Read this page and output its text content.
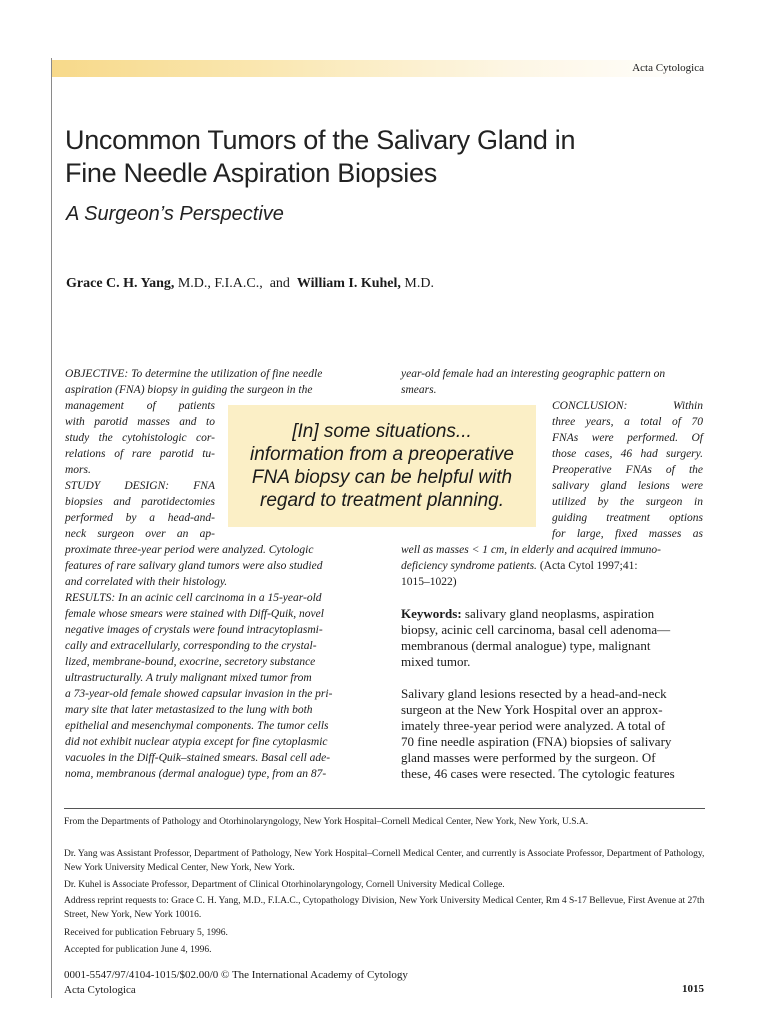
Acta Cytologica
Uncommon Tumors of the Salivary Gland in
Fine Needle Aspiration Biopsies
A Surgeon’s Perspective
Grace C. H. Yang, M.D., F.I.A.C., and William I. Kuhel, M.D.
OBJECTIVE: To determine the utilization of fine needle
aspiration (FNA) biopsy in guiding the surgeon in the
management of patients
with parotid masses and to
study the cytohistologic cor-
relations of rare parotid tu-
mors.
STUDY DESIGN: FNA
biopsies and parotidectomies
performed by a head-and-
neck surgeon over an ap-
proximate three-year period were analyzed. Cytologic
features of rare salivary gland tumors were also studied
and correlated with their histology.
RESULTS: In an acinic cell carcinoma in a 15-year-old
female whose smears were stained with Diff-Quik, novel
negative images of crystals were found intracytoplasmi-
cally and extracellularly, corresponding to the crystal-
lized, membrane-bound, exocrine, secretory substance
ultrastructurally. A truly malignant mixed tumor from
a 73-year-old female showed capsular invasion in the pri-
mary site that later metastasized to the lung with both
epithelial and mesenchymal components. The tumor cells
did not exhibit nuclear atypia except for fine cytoplasmic
vacuoles in the Diff-Quik–stained smears. Basal cell ade-
noma, membranous (dermal analogue) type, from an 87-
year-old female had an interesting geographic pattern on
smears.
CONCLUSION: Within
three years, a total of 70
FNAs were performed. Of
those cases, 46 had surgery.
Preoperative FNAs of the
salivary gland lesions were
utilized by the surgeon in
guiding treatment options
for large, fixed masses as
well as masses < 1 cm, in elderly and acquired immuno-
deficiency syndrome patients. (Acta Cytol 1997;41:
1015–1022)
[In] some situations...
information from a preoperative
FNA biopsy can be helpful with
regard to treatment planning.
Keywords: salivary gland neoplasms, aspiration
biopsy, acinic cell carcinoma, basal cell adenoma—
membranous (dermal analogue) type, malignant
mixed tumor.
Salivary gland lesions resected by a head-and-neck
surgeon at the New York Hospital over an approx-
imately three-year period were analyzed. A total of
70 fine needle aspiration (FNA) biopsies of salivary
gland masses were performed by the surgeon. Of
these, 46 cases were resected. The cytologic features
From the Departments of Pathology and Otorhinolaryngology, New York Hospital–Cornell Medical Center, New York, New York, U.S.A.
Dr. Yang was Assistant Professor, Department of Pathology, New York Hospital–Cornell Medical Center, and currently is Associate Professor, Department of Pathology, New York University Medical Center, New York, New York.
Dr. Kuhel is Associate Professor, Department of Clinical Otorhinolaryngology, Cornell University Medical College.
Address reprint requests to: Grace C. H. Yang, M.D., F.I.A.C., Cytopathology Division, New York University Medical Center, Rm 4 S-17 Bellevue, First Avenue at 27th Street, New York, New York 10016.
Received for publication February 5, 1996.
Accepted for publication June 4, 1996.
0001-5547/97/4104-1015/$02.00/0 © The International Academy of Cytology
Acta Cytologica	1015
